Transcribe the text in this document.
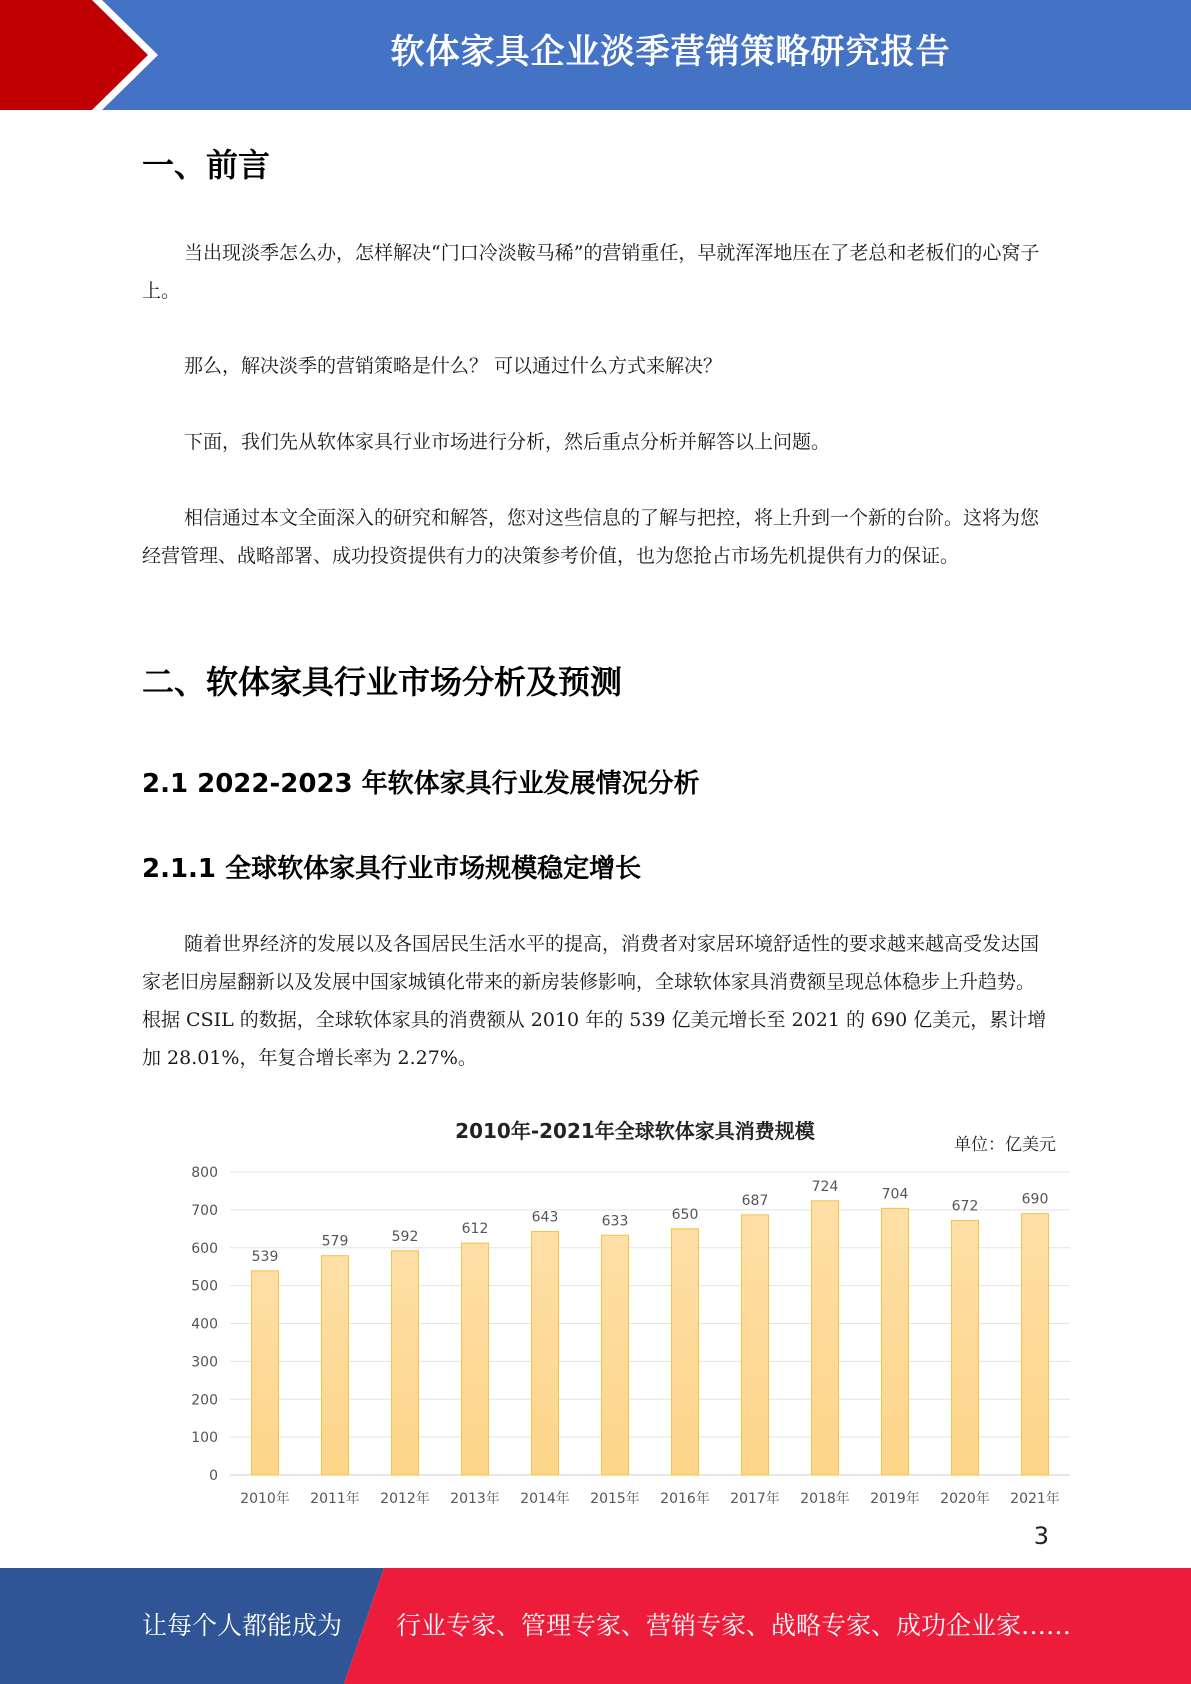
软体家具企业淡季营销策略研究报告
一、前言

当出现淡季怎么办，怎样解决“门口冷淡鞍马稀”的营销重任，早就浑浑地压在了老总和老板们的心窝子上。

那么，解决淡季的营销策略是什么？ 可以通过什么方式来解决？

下面，我们先从软体家具行业市场进行分析，然后重点分析并解答以上问题。

相信通过本文全面深入的研究和解答，您对这些信息的了解与把控，将上升到一个新的台阶。这将为您经营管理、战略部署、成功投资提供有力的决策参考价值，也为您抢占市场先机提供有力的保证。

二、软体家具行业市场分析及预测
2.1 2022-2023 年软体家具行业发展情况分析
2.1.1 全球软体家具行业市场规模稳定增长

随着世界经济的发展以及各国居民生活水平的提高，消费者对家居环境舒适性的要求越来越高受发达国家老旧房屋翻新以及发展中国家城镇化带来的新房装修影响，全球软体家具消费额呈现总体稳步上升趋势。根据 CSIL 的数据，全球软体家具的消费额从 2010 年的 539 亿美元增长至 2021 的 690 亿美元，累计增加 28.01%，年复合增长率为 2.27%。

2010年-2021年全球软体家具消费规模
单位：亿美元
0
100
200
300
400
500
600
700
800
539
2010年
579
2011年
592
2012年
612
2013年
643
2014年
633
2015年
650
2016年
687
2017年
724
2018年
704
2019年
672
2020年
690
2021年
3
让每个人都能成为 行业专家、管理专家、营销专家、战略专家、成功企业家……
